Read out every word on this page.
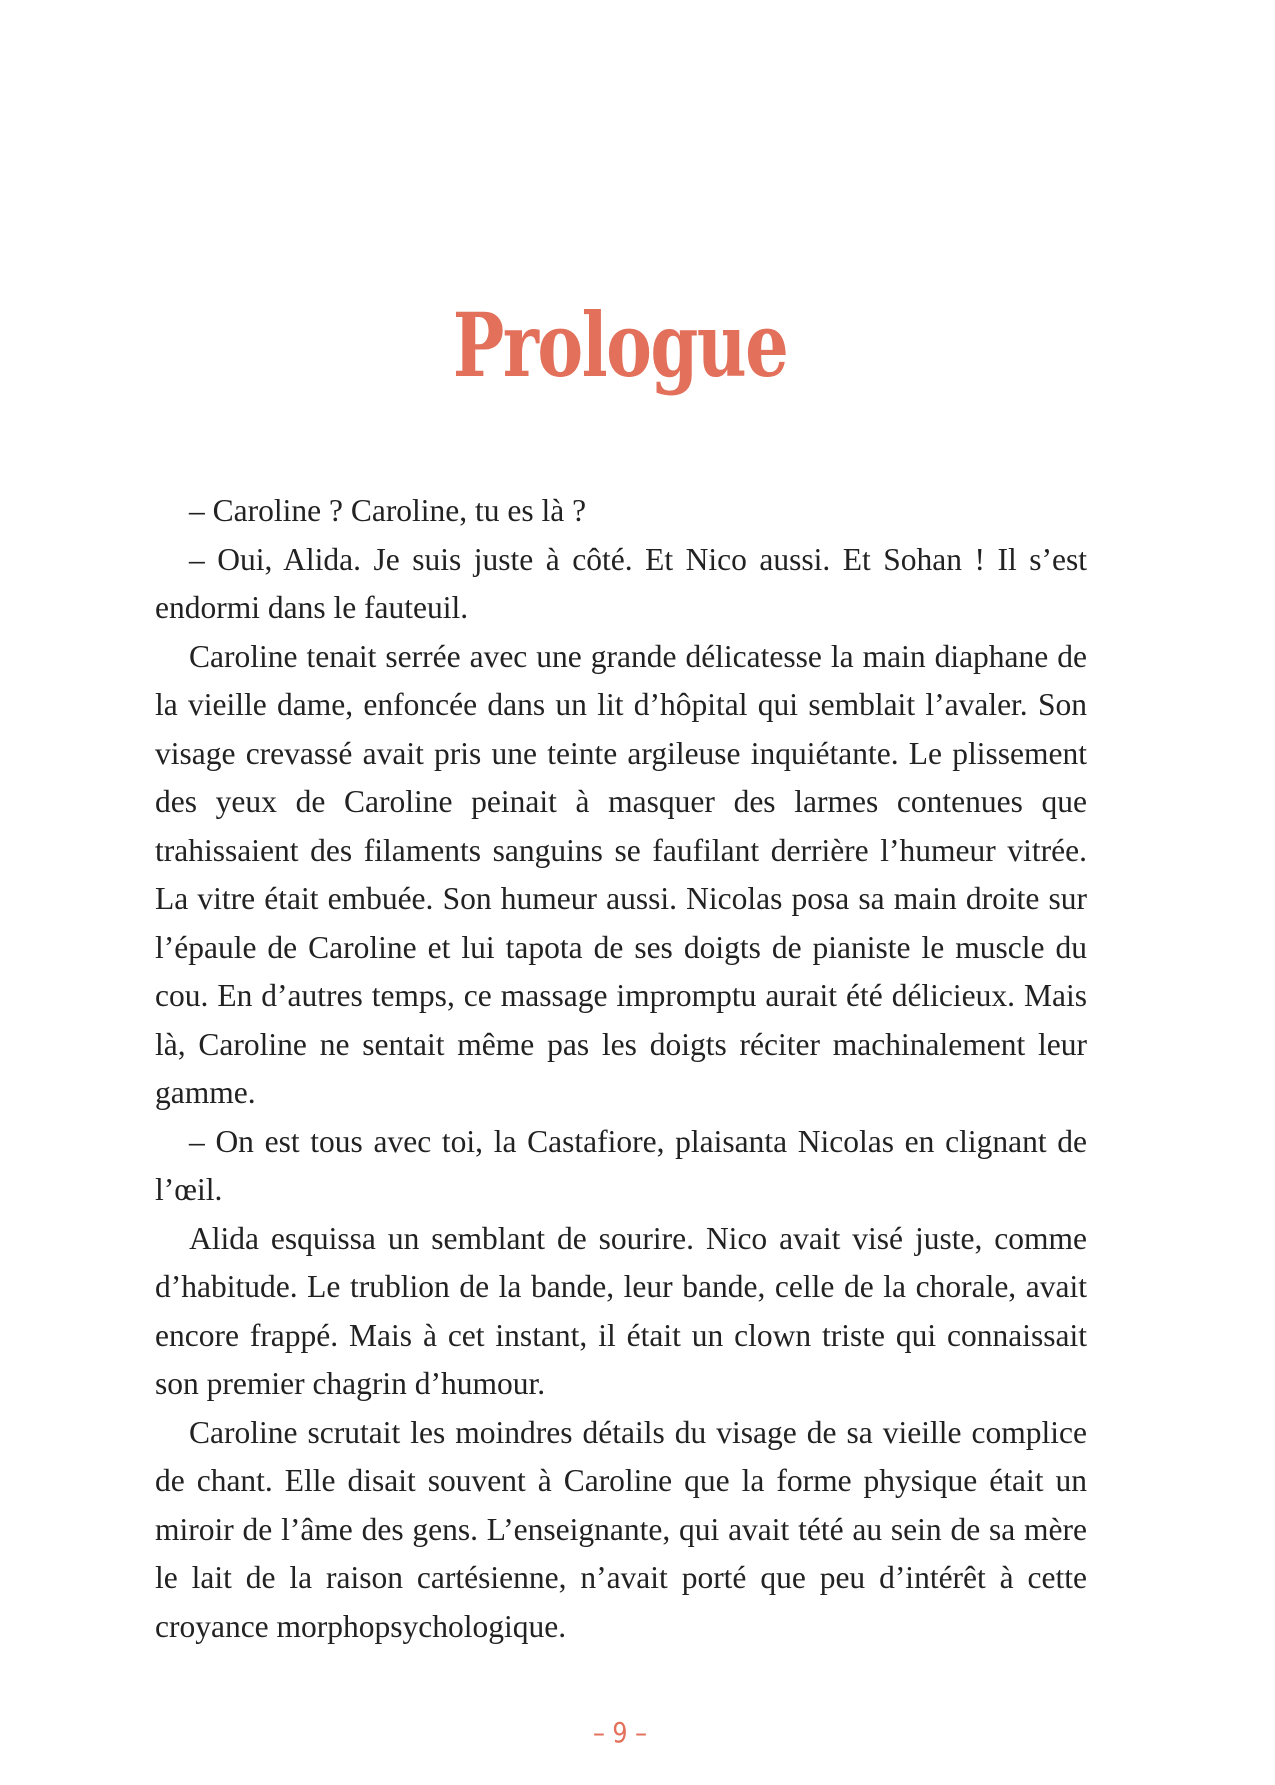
Prologue

– Caroline ? Caroline, tu es là ?

– Oui, Alida. Je suis juste à côté. Et Nico aussi. Et Sohan ! Il s’est endormi dans le fauteuil.

Caroline tenait serrée avec une grande délicatesse la main diaphane de la vieille dame, enfoncée dans un lit d’hôpital qui semblait l’avaler. Son visage crevassé avait pris une teinte argileuse inquiétante. Le plissement des yeux de Caroline peinait à masquer des larmes contenues que trahissaient des filaments sanguins se faufilant derrière l’humeur vitrée. La vitre était embuée. Son humeur aussi. Nicolas posa sa main droite sur l’épaule de Caroline et lui tapota de ses doigts de pianiste le muscle du cou. En d’autres temps, ce massage impromptu aurait été délicieux. Mais là, Caroline ne sentait même pas les doigts réciter machinalement leur gamme.

– On est tous avec toi, la Castafiore, plaisanta Nicolas en clignant de l’œil.

Alida esquissa un semblant de sourire. Nico avait visé juste, comme d’habitude. Le trublion de la bande, leur bande, celle de la chorale, avait encore frappé. Mais à cet instant, il était un clown triste qui connaissait son premier chagrin d’humour.

Caroline scrutait les moindres détails du visage de sa vieille complice de chant. Elle disait souvent à Caroline que la forme physique était un miroir de l’âme des gens. L’enseignante, qui avait tété au sein de sa mère le lait de la raison cartésienne, n’avait porté que peu d’intérêt à cette croyance morphopsychologique.

– 9 –
